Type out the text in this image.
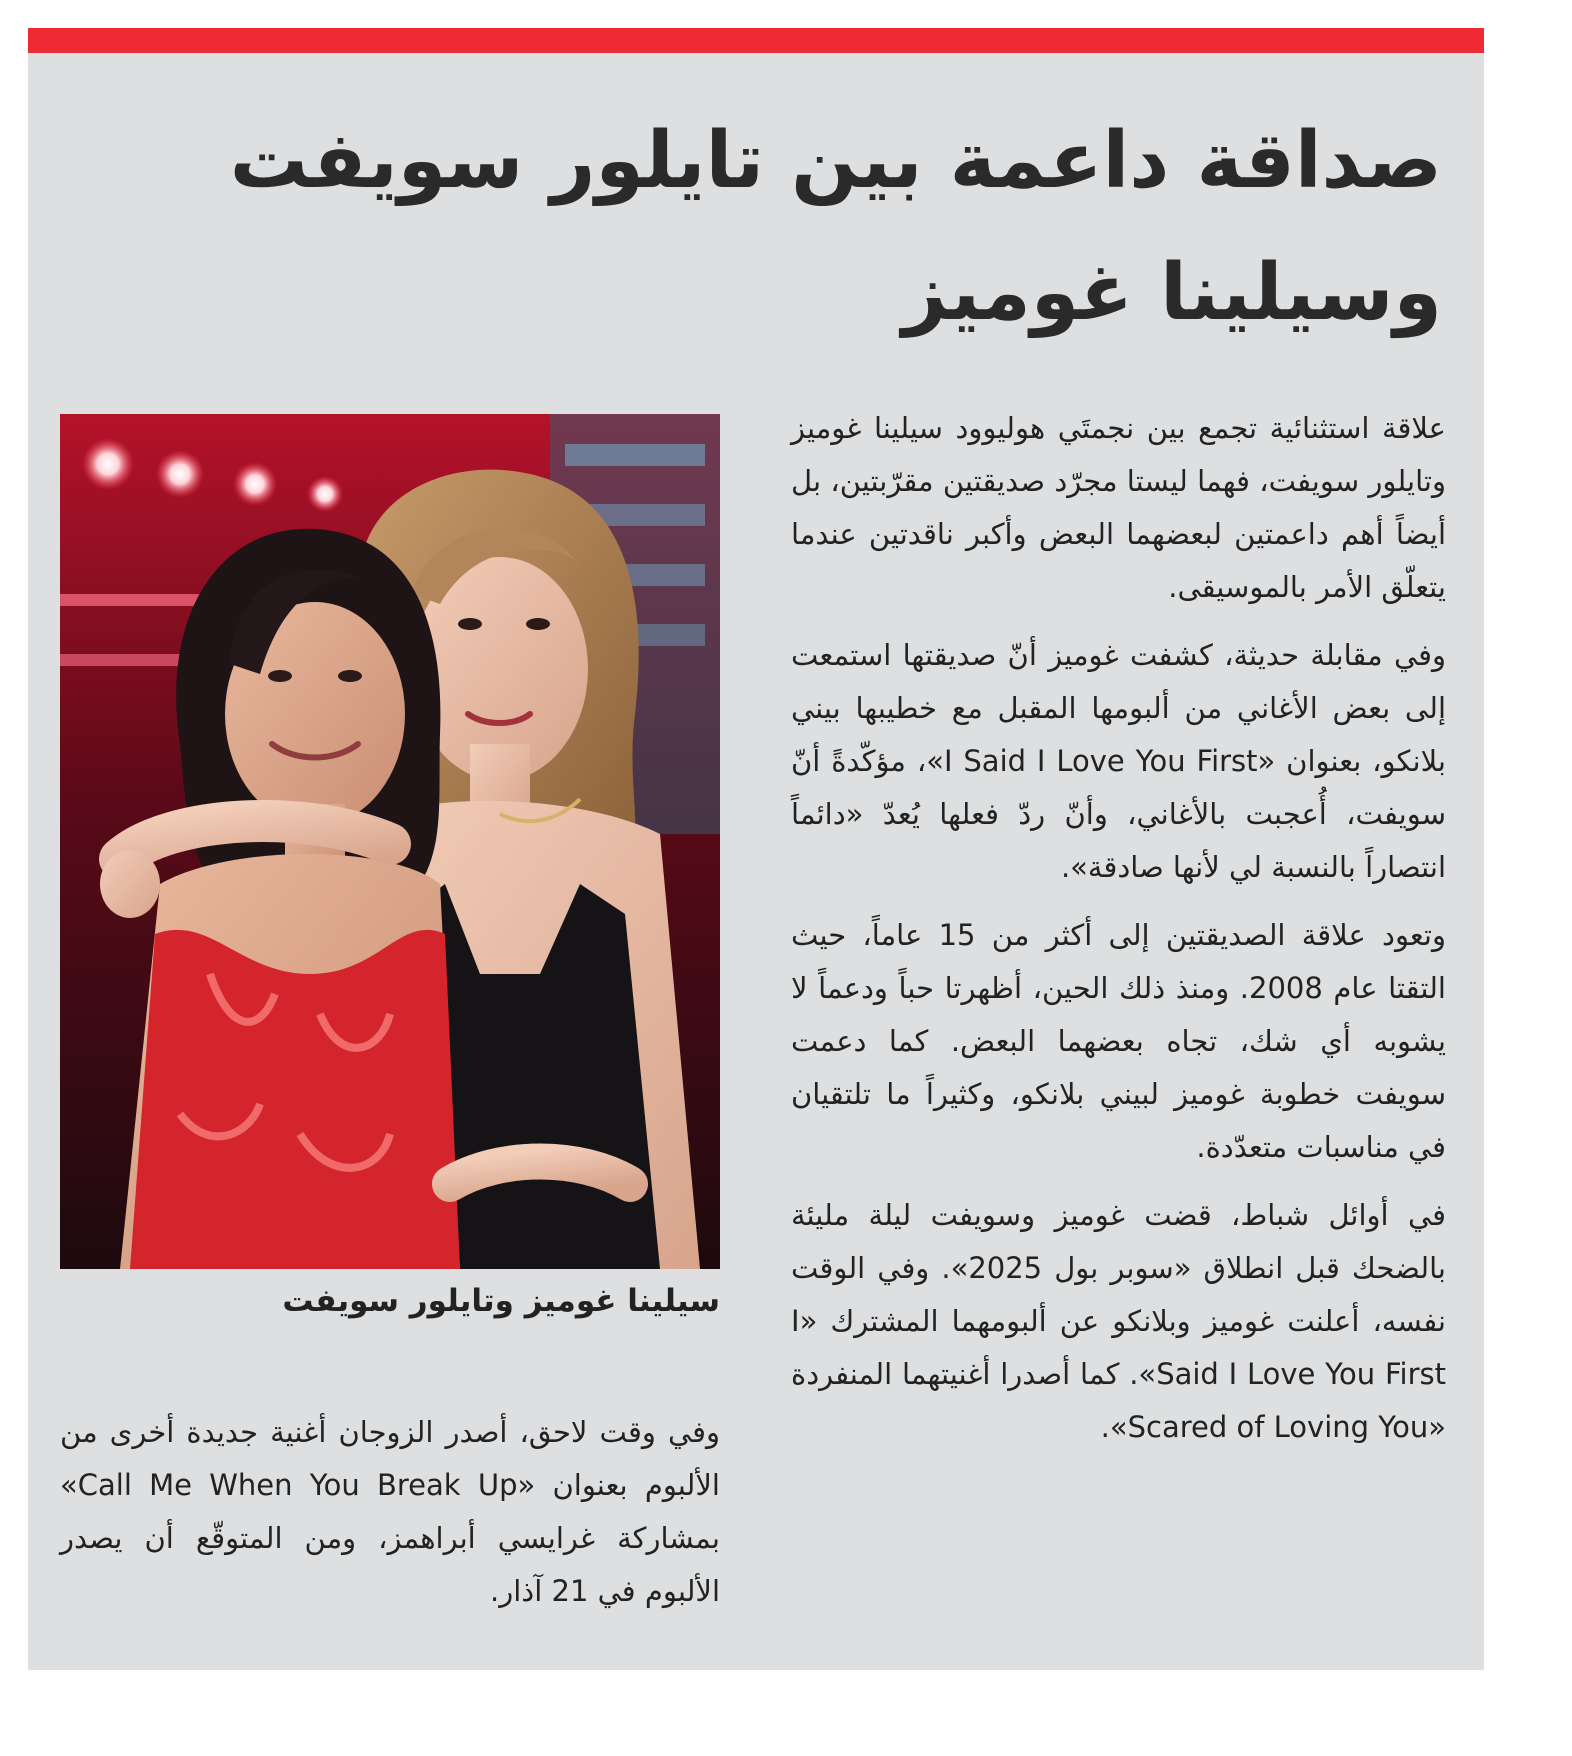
صداقة داعمة بين تايلور سويفت وسيلينا غوميز

علاقة استثنائية تجمع بين نجمتَي هوليوود سيلينا غوميز وتايلور سويفت، فهما ليستا مجرّد صديقتين مقرّبتين، بل أيضاً أهم داعمتين لبعضهما البعض وأكبر ناقدتين عندما يتعلّق الأمر بالموسيقى.

وفي مقابلة حديثة، كشفت غوميز أنّ صديقتها استمعت إلى بعض الأغاني من ألبومها المقبل مع خطيبها بيني بلانكو، بعنوان «I Said I Love You First»، مؤكّدةً أنّ سويفت، أُعجبت بالأغاني، وأنّ ردّ فعلها يُعدّ «دائماً انتصاراً بالنسبة لي لأنها صادقة».

وتعود علاقة الصديقتين إلى أكثر من 15 عاماً، حيث التقتا عام 2008. ومنذ ذلك الحين، أظهرتا حباً ودعماً لا يشوبه أي شك، تجاه بعضهما البعض. كما دعمت سويفت خطوبة غوميز لبيني بلانكو، وكثيراً ما تلتقيان في مناسبات متعدّدة.

في أوائل شباط، قضت غوميز وسويفت ليلة مليئة بالضحك قبل انطلاق «سوبر بول 2025». وفي الوقت نفسه، أعلنت غوميز وبلانكو عن ألبومهما المشترك «I Said I Love You First». كما أصدرا أغنيتهما المنفردة «Scared of Loving You».

سيلينا غوميز وتايلور سويفت

وفي وقت لاحق، أصدر الزوجان أغنية جديدة أخرى من الألبوم بعنوان «Call Me When You Break Up» بمشاركة غرايسي أبراهمز، ومن المتوقّع أن يصدر الألبوم في 21 آذار.
